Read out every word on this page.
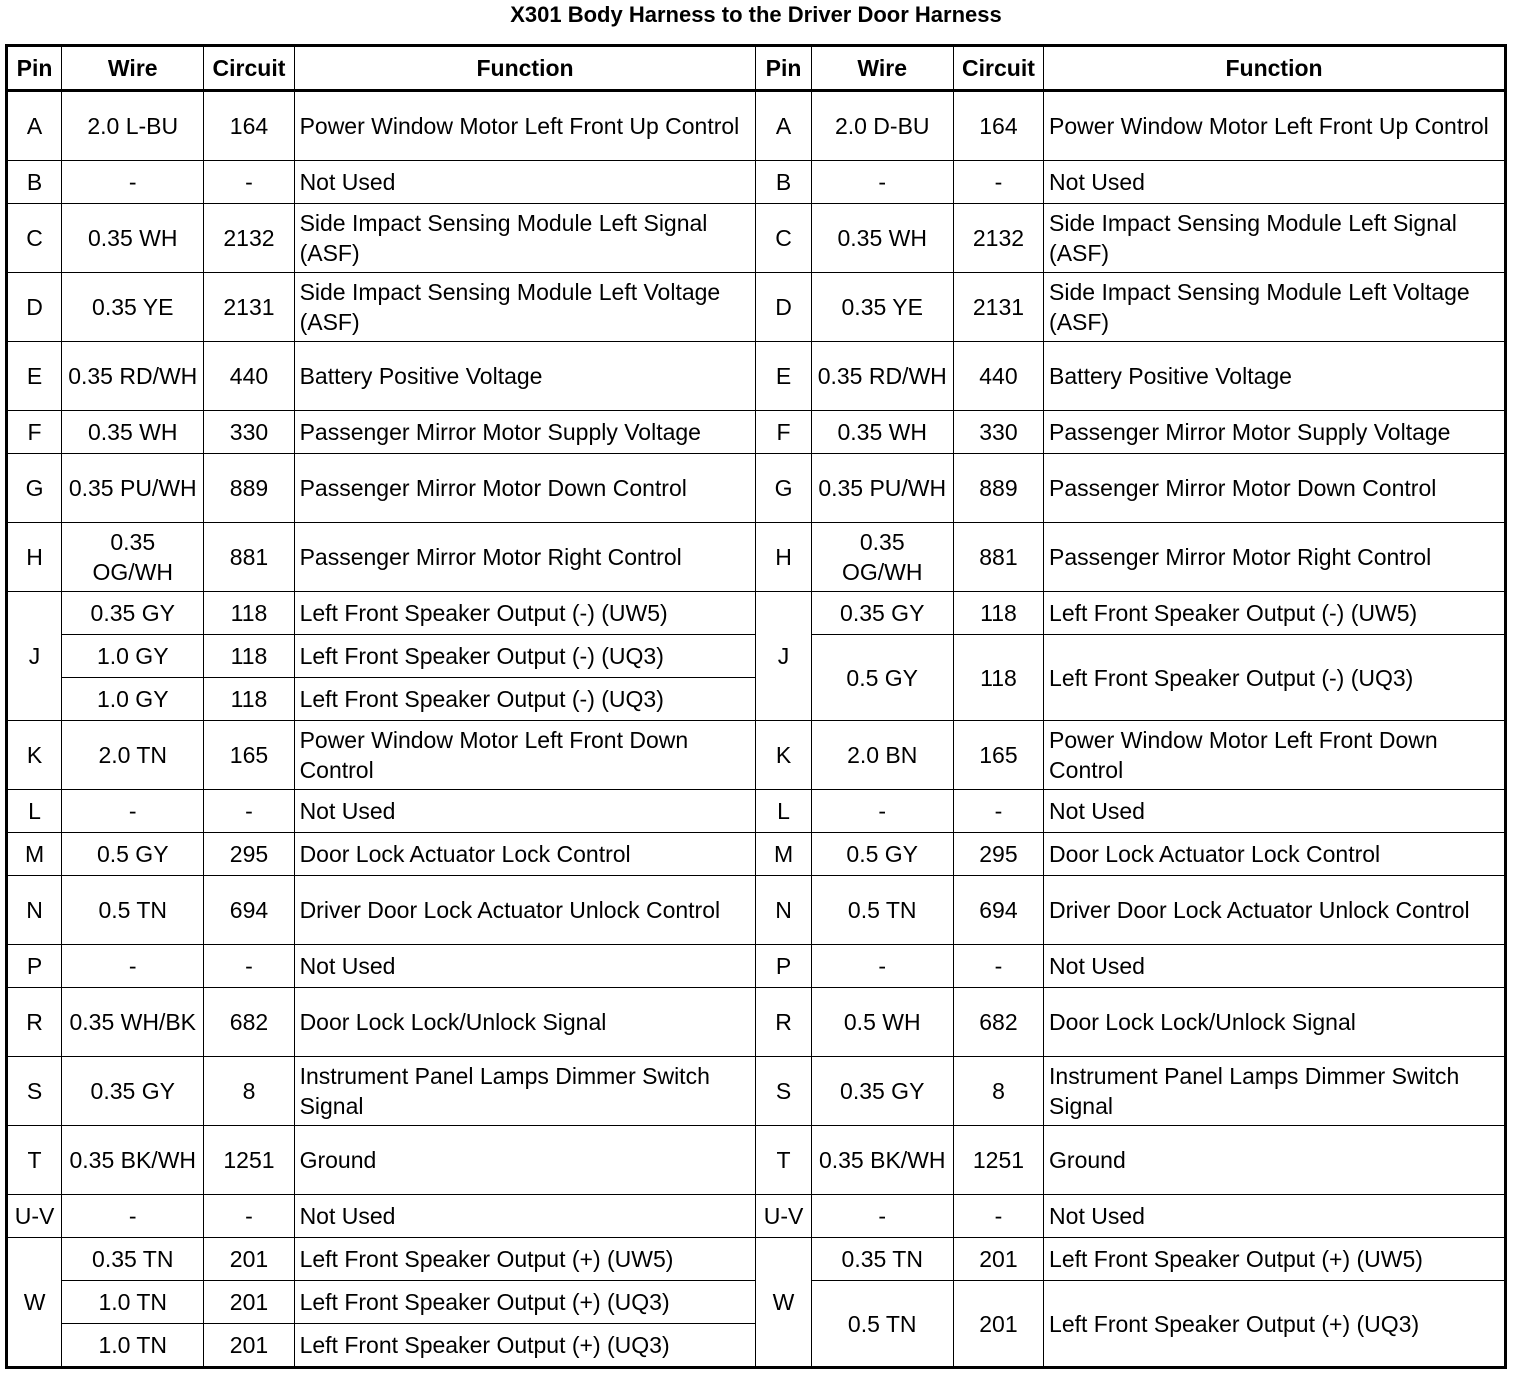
X301 Body Harness to the Driver Door Harness
Pin	Wire	Circuit	Function	Pin	Wire	Circuit	Function
A	2.0 L-BU	164	Power Window Motor Left Front Up Control	A	2.0 D-BU	164	Power Window Motor Left Front Up Control
B	-	-	Not Used	B	-	-	Not Used
C	0.35 WH	2132	Side Impact Sensing Module Left Signal (ASF)	C	0.35 WH	2132	Side Impact Sensing Module Left Signal (ASF)
D	0.35 YE	2131	Side Impact Sensing Module Left Voltage (ASF)	D	0.35 YE	2131	Side Impact Sensing Module Left Voltage (ASF)
E	0.35 RD/WH	440	Battery Positive Voltage	E	0.35 RD/WH	440	Battery Positive Voltage
F	0.35 WH	330	Passenger Mirror Motor Supply Voltage	F	0.35 WH	330	Passenger Mirror Motor Supply Voltage
G	0.35 PU/WH	889	Passenger Mirror Motor Down Control	G	0.35 PU/WH	889	Passenger Mirror Motor Down Control
H	0.35 OG/WH	881	Passenger Mirror Motor Right Control	H	0.35 OG/WH	881	Passenger Mirror Motor Right Control
J	0.35 GY	118	Left Front Speaker Output (-) (UW5)	J	0.35 GY	118	Left Front Speaker Output (-) (UW5)
	1.0 GY	118	Left Front Speaker Output (-) (UQ3)		0.5 GY	118	Left Front Speaker Output (-) (UQ3)
	1.0 GY	118	Left Front Speaker Output (-) (UQ3)				
K	2.0 TN	165	Power Window Motor Left Front Down Control	K	2.0 BN	165	Power Window Motor Left Front Down Control
L	-	-	Not Used	L	-	-	Not Used
M	0.5 GY	295	Door Lock Actuator Lock Control	M	0.5 GY	295	Door Lock Actuator Lock Control
N	0.5 TN	694	Driver Door Lock Actuator Unlock Control	N	0.5 TN	694	Driver Door Lock Actuator Unlock Control
P	-	-	Not Used	P	-	-	Not Used
R	0.35 WH/BK	682	Door Lock Lock/Unlock Signal	R	0.5 WH	682	Door Lock Lock/Unlock Signal
S	0.35 GY	8	Instrument Panel Lamps Dimmer Switch Signal	S	0.35 GY	8	Instrument Panel Lamps Dimmer Switch Signal
T	0.35 BK/WH	1251	Ground	T	0.35 BK/WH	1251	Ground
U-V	-	-	Not Used	U-V	-	-	Not Used
W	0.35 TN	201	Left Front Speaker Output (+) (UW5)	W	0.35 TN	201	Left Front Speaker Output (+) (UW5)
	1.0 TN	201	Left Front Speaker Output (+) (UQ3)		0.5 TN	201	Left Front Speaker Output (+) (UQ3)
	1.0 TN	201	Left Front Speaker Output (+) (UQ3)				
